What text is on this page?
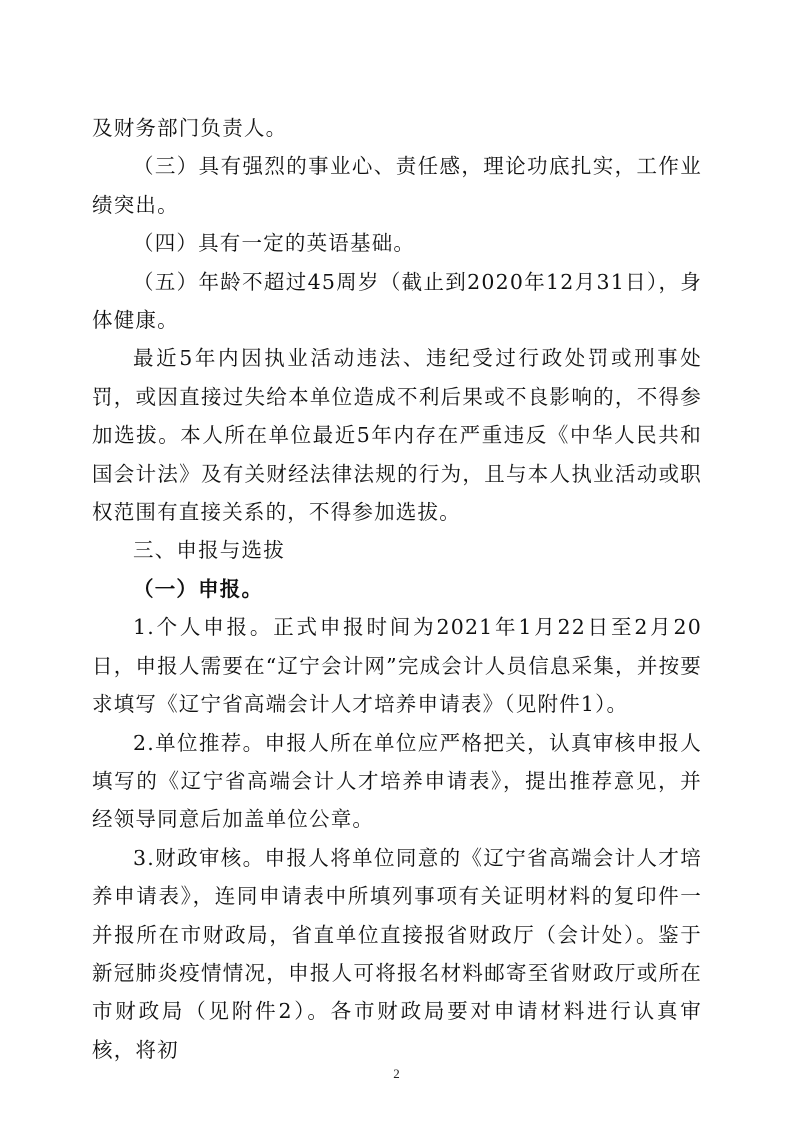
及财务部门负责人。

（三）具有强烈的事业心、责任感，理论功底扎实，工作业绩突出。

（四）具有一定的英语基础。

（五）年龄不超过45周岁（截止到2020年12月31日），身体健康。

最近5年内因执业活动违法、违纪受过行政处罚或刑事处罚，或因直接过失给本单位造成不利后果或不良影响的，不得参加选拔。本人所在单位最近5年内存在严重违反《中华人民共和国会计法》及有关财经法律法规的行为，且与本人执业活动或职权范围有直接关系的，不得参加选拔。

三、申报与选拔

（一）申报。

1.个人申报。正式申报时间为2021年1月22日至2月20日，申报人需要在“辽宁会计网”完成会计人员信息采集，并按要求填写《辽宁省高端会计人才培养申请表》（见附件1）。

2.单位推荐。申报人所在单位应严格把关，认真审核申报人填写的《辽宁省高端会计人才培养申请表》，提出推荐意见，并经领导同意后加盖单位公章。

3.财政审核。申报人将单位同意的《辽宁省高端会计人才培养申请表》，连同申请表中所填列事项有关证明材料的复印件一并报所在市财政局，省直单位直接报省财政厅（会计处）。鉴于新冠肺炎疫情情况，申报人可将报名材料邮寄至省财政厅或所在市财政局（见附件2）。各市财政局要对申请材料进行认真审核，将初

2
